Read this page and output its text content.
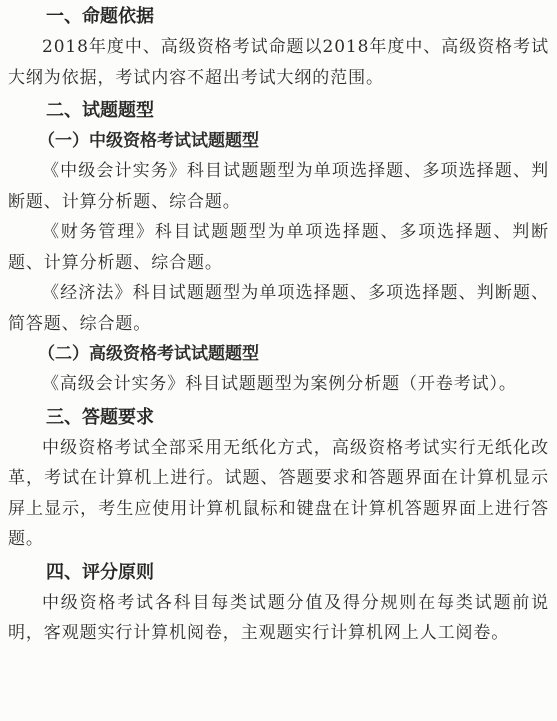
一、命题依据

2018年度中、高级资格考试命题以2018年度中、高级资格考试大纲为依据，考试内容不超出考试大纲的范围。

二、试题题型
（一）中级资格考试试题题型

《中级会计实务》科目试题题型为单项选择题、多项选择题、判断题、计算分析题、综合题。

《财务管理》科目试题题型为单项选择题、多项选择题、判断题、计算分析题、综合题。

《经济法》科目试题题型为单项选择题、多项选择题、判断题、简答题、综合题。

（二）高级资格考试试题题型

《高级会计实务》科目试题题型为案例分析题（开卷考试）。

三、答题要求

中级资格考试全部采用无纸化方式，高级资格考试实行无纸化改革，考试在计算机上进行。试题、答题要求和答题界面在计算机显示屏上显示，考生应使用计算机鼠标和键盘在计算机答题界面上进行答题。

四、评分原则

中级资格考试各科目每类试题分值及得分规则在每类试题前说明，客观题实行计算机阅卷，主观题实行计算机网上人工阅卷。
